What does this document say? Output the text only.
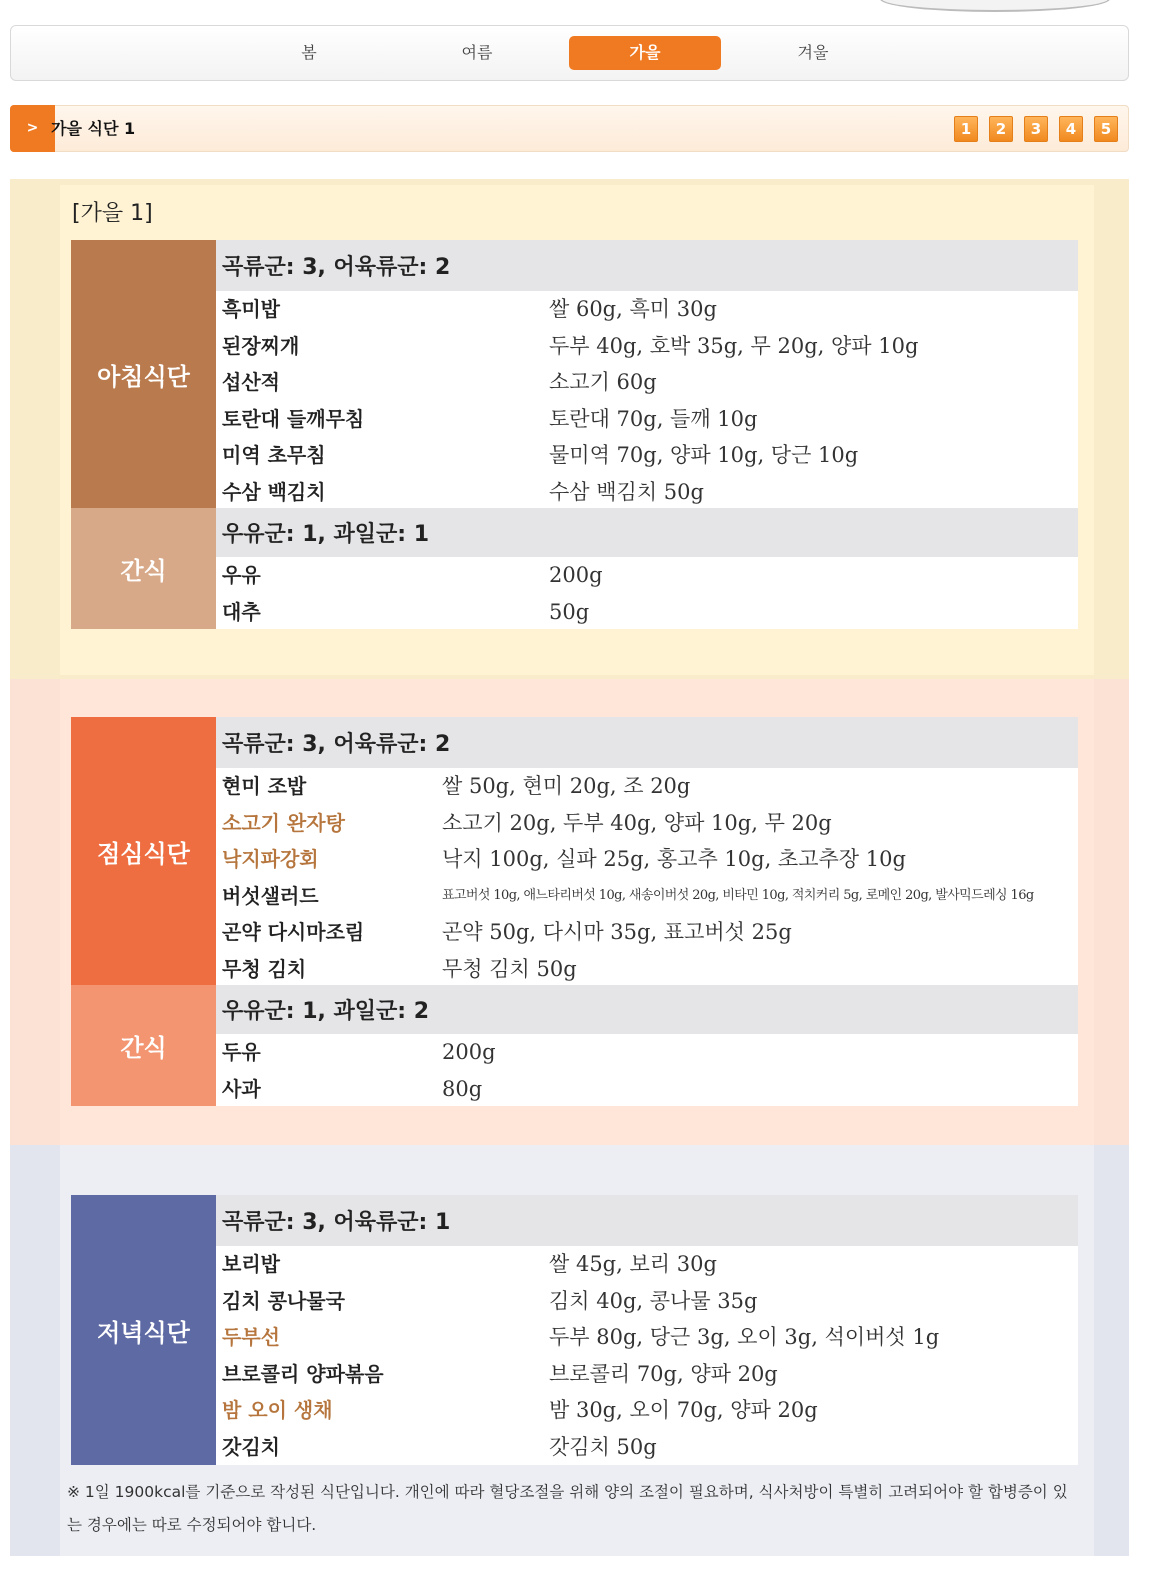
봄	여름	가을	겨울
> 가을 식단 1	1 2 3 4 5
[가을 1]
아침식단
곡류군: 3, 어육류군: 2
흑미밥	쌀 60g, 흑미 30g
된장찌개	두부 40g, 호박 35g, 무 20g, 양파 10g
섭산적	소고기 60g
토란대 들깨무침	토란대 70g, 들깨 10g
미역 초무침	물미역 70g, 양파 10g, 당근 10g
수삼 백김치	수삼 백김치 50g
간식
우유군: 1, 과일군: 1
우유	200g
대추	50g
점심식단
곡류군: 3, 어육류군: 2
현미 조밥	쌀 50g, 현미 20g, 조 20g
소고기 완자탕	소고기 20g, 두부 40g, 양파 10g, 무 20g
낙지파강회	낙지 100g, 실파 25g, 홍고추 10g, 초고추장 10g
버섯샐러드	표고버섯 10g, 애느타리버섯 10g, 새송이버섯 20g, 비타민 10g, 적치커리 5g, 로메인 20g, 발사믹드레싱 16g
곤약 다시마조림	곤약 50g, 다시마 35g, 표고버섯 25g
무청 김치	무청 김치 50g
간식
우유군: 1, 과일군: 2
두유	200g
사과	80g
저녁식단
곡류군: 3, 어육류군: 1
보리밥	쌀 45g, 보리 30g
김치 콩나물국	김치 40g, 콩나물 35g
두부선	두부 80g, 당근 3g, 오이 3g, 석이버섯 1g
브로콜리 양파볶음	브로콜리 70g, 양파 20g
밤 오이 생채	밤 30g, 오이 70g, 양파 20g
갓김치	갓김치 50g
※ 1일 1900kcal를 기준으로 작성된 식단입니다. 개인에 따라 혈당조절을 위해 양의 조절이 필요하며, 식사처방이 특별히 고려되어야 할 합병증이 있는 경우에는 따로 수정되어야 합니다.
